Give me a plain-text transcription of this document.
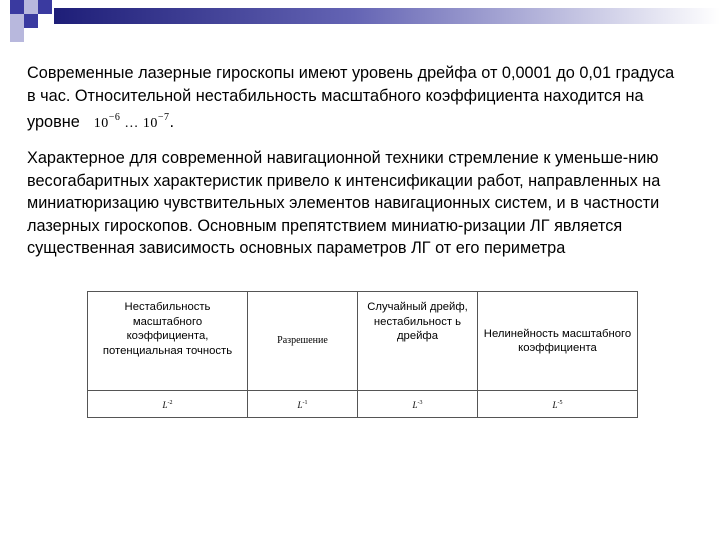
Современные лазерные гироскопы имеют уровень дрейфа от 0,0001 до 0,01 градуса в час. Относительной нестабильность масштабного коэффициента находится на уровне $10^{-6}$ … $10^{-7}$.

Характерное для современной навигационной техники стремление к уменьше-нию весогабаритных характеристик привело к интенсификации работ, направленных на миниатюризацию чувствительных элементов навигационных систем, и в частности лазерных гироскопов. Основным препятствием миниатю-ризации ЛГ является существенная зависимость основных параметров ЛГ от его периметра

Нестабильность масштабного коэффициента, потенциальная точность	Разрешение	Случайный дрейф, нестабильност ь дрейфа	Нелинейность масштабного коэффициента
$L^{-2}$	$L^{-1}$	$L^{-3}$	$L^{-5}$
